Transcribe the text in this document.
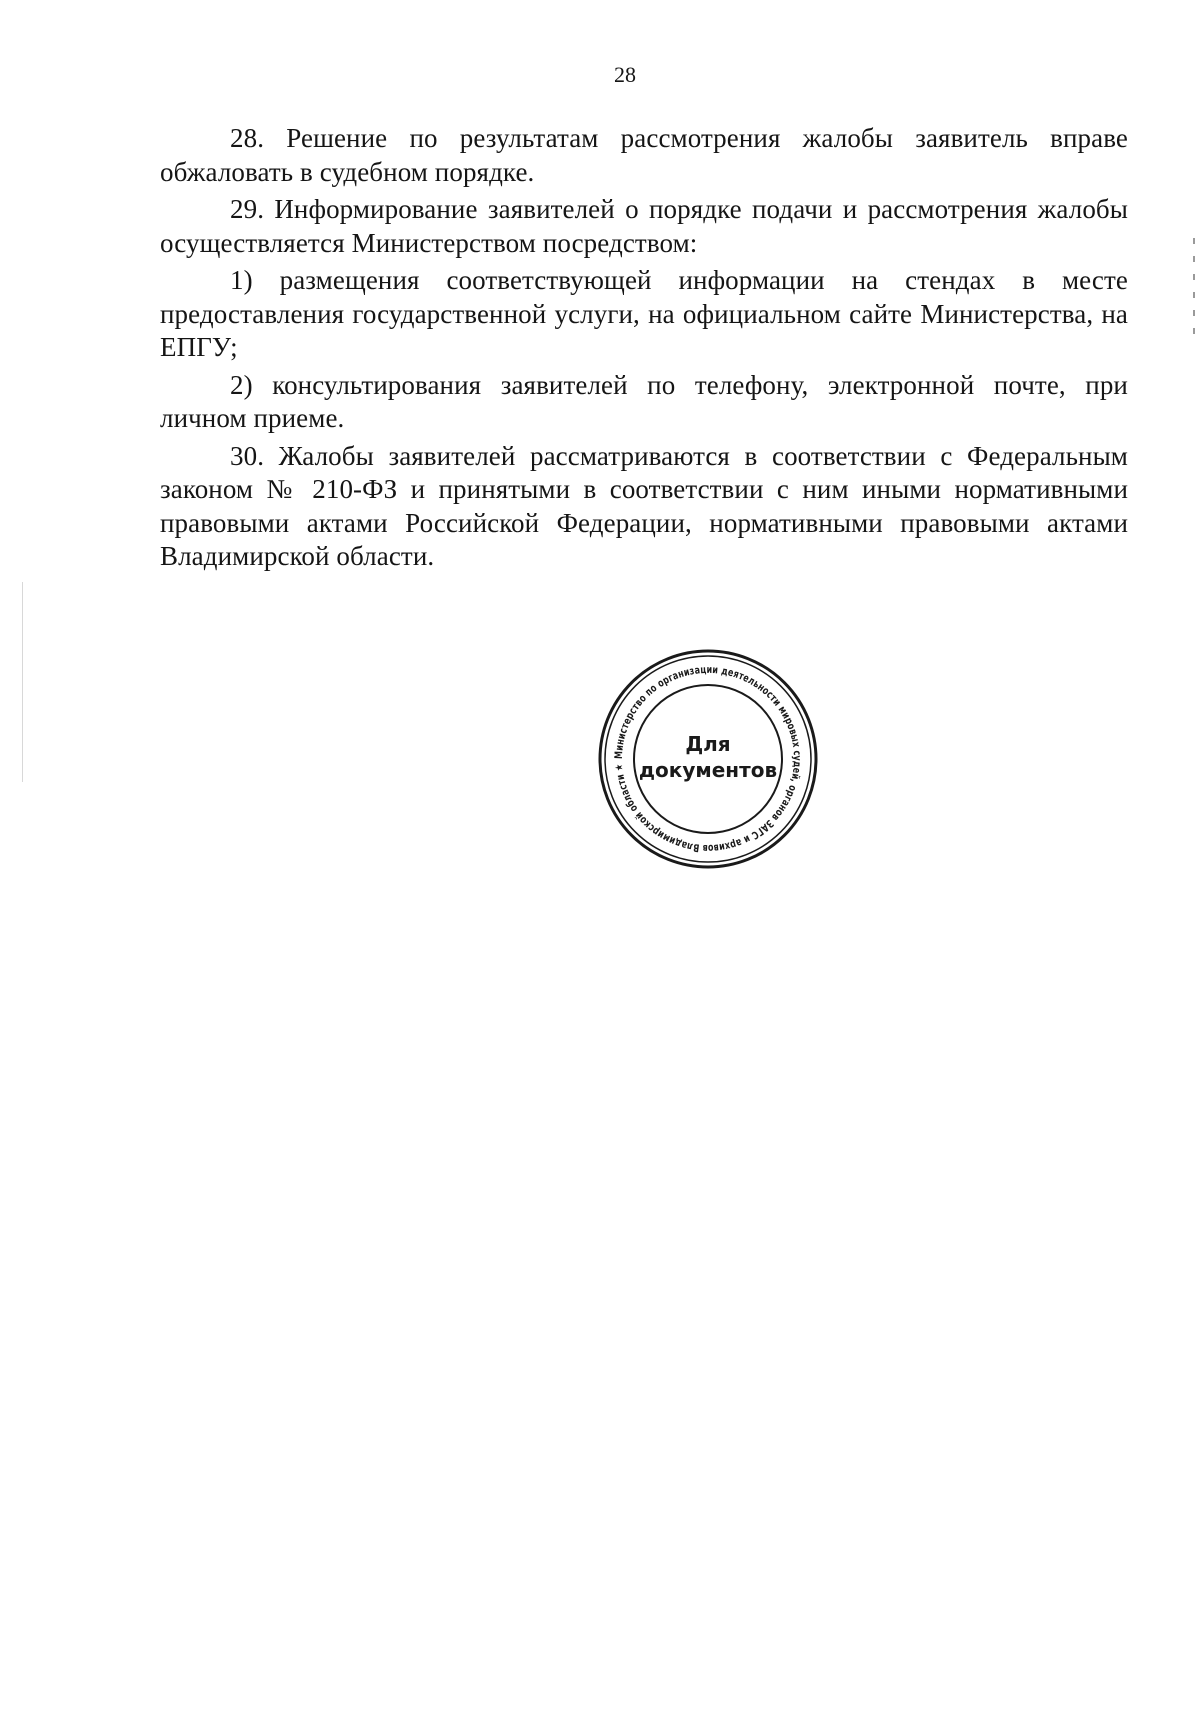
28

28. Решение по результатам рассмотрения жалобы заявитель вправе обжаловать в судебном порядке.

29. Информирование заявителей о порядке подачи и рассмотрения жалобы осуществляется Министерством посредством:

1) размещения соответствующей информации на стендах в месте предоставления государственной услуги, на официальном сайте Министерства, на ЕПГУ;

2) консультирования заявителей по телефону, электронной почте, при личном приеме.

30. Жалобы заявителей рассматриваются в соответствии с Федеральным законом № 210-ФЗ и принятыми в соответствии с ним иными нормативными правовыми актами Российской Федерации, нормативными правовыми актами Владимирской области.

Министерство по организации деятельности мировых судей, органов ЗАГС и архивов Владимирской области ★
Для
документов
